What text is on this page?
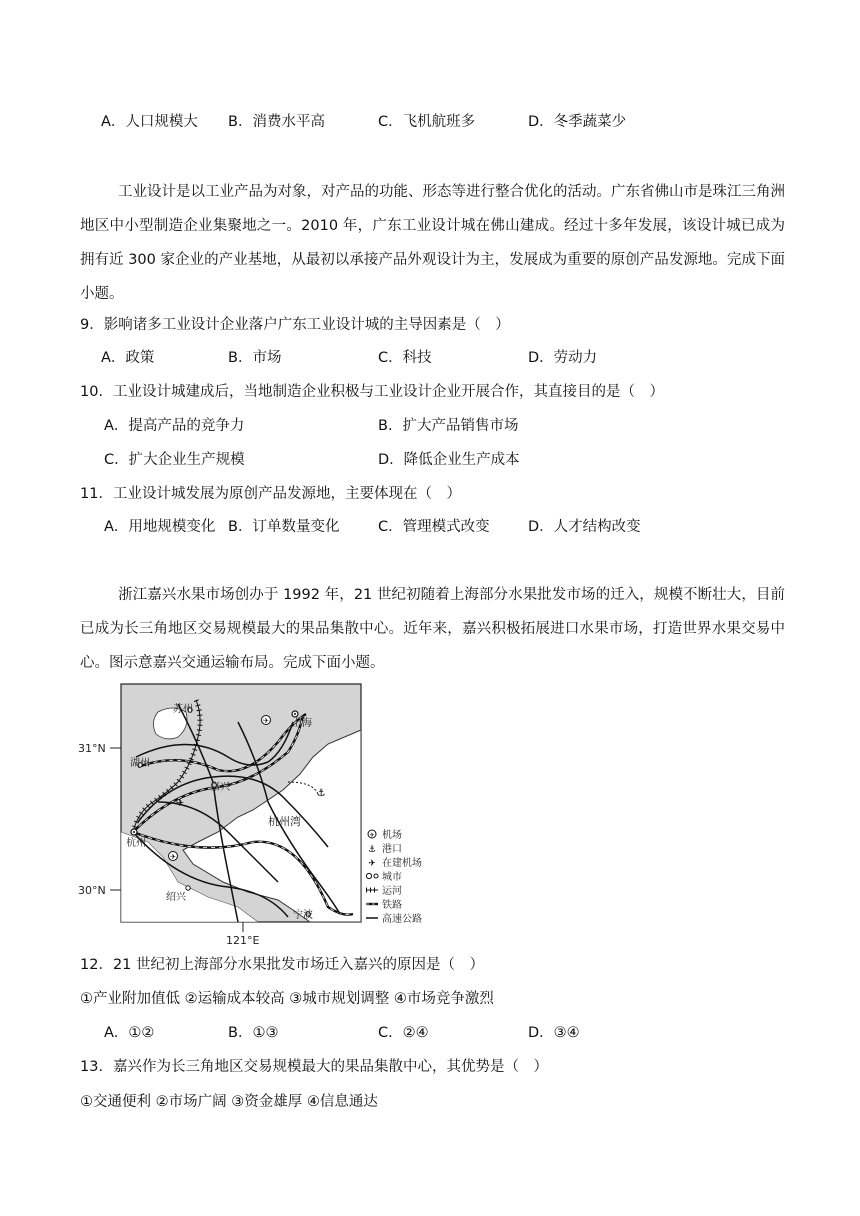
A．人口规模大 B．消费水平高	C．飞机航班多	D．冬季蔬菜少
工业设计是以工业产品为对象，对产品的功能、形态等进行整合优化的活动。广东省佛山市是珠江三角洲地区中小型制造企业集聚地之一。2010 年，广东工业设计城在佛山建成。经过十多年发展，该设计城已成为拥有近 300 家企业的产业基地，从最初以承接产品外观设计为主，发展成为重要的原创产品发源地。完成下面小题。
9．影响诸多工业设计企业落户广东工业设计城的主导因素是（　）
A．政策	B．市场	C．科技	D．劳动力
10．工业设计城建成后，当地制造企业积极与工业设计企业开展合作，其直接目的是（　）
A．提高产品的竞争力	B．扩大产品销售市场
C．扩大企业生产规模	D．降低企业生产成本
11．工业设计城发展为原创产品发源地，主要体现在（　）
A．用地规模变化 B．订单数量变化	C．管理模式改变	D．人才结构改变
浙江嘉兴水果市场创办于 1992 年，21 世纪初随着上海部分水果批发市场的迁入，规模不断壮大，目前已成为长三角地区交易规模最大的果品集散中心。近年来，嘉兴积极拓展进口水果市场，打造世界水果交易中心。图示意嘉兴交通运输布局。完成下面小题。
✈
✈
✈
⚓
苏州
上海
湖州
嘉兴
杭州
绍兴
宁波
杭州湾
31°N
30°N
121°E
✈ 机场
⚓ 港口
✈ 在建机场
城市
运河
铁路
高速公路
12．21 世纪初上海部分水果批发市场迁入嘉兴的原因是（　）
①产业附加值低 ②运输成本较高 ③城市规划调整 ④市场竞争激烈
A．①②	B．①③	C．②④	D．③④
13．嘉兴作为长三角地区交易规模最大的果品集散中心，其优势是（　）
①交通便利 ②市场广阔 ③资金雄厚 ④信息通达
